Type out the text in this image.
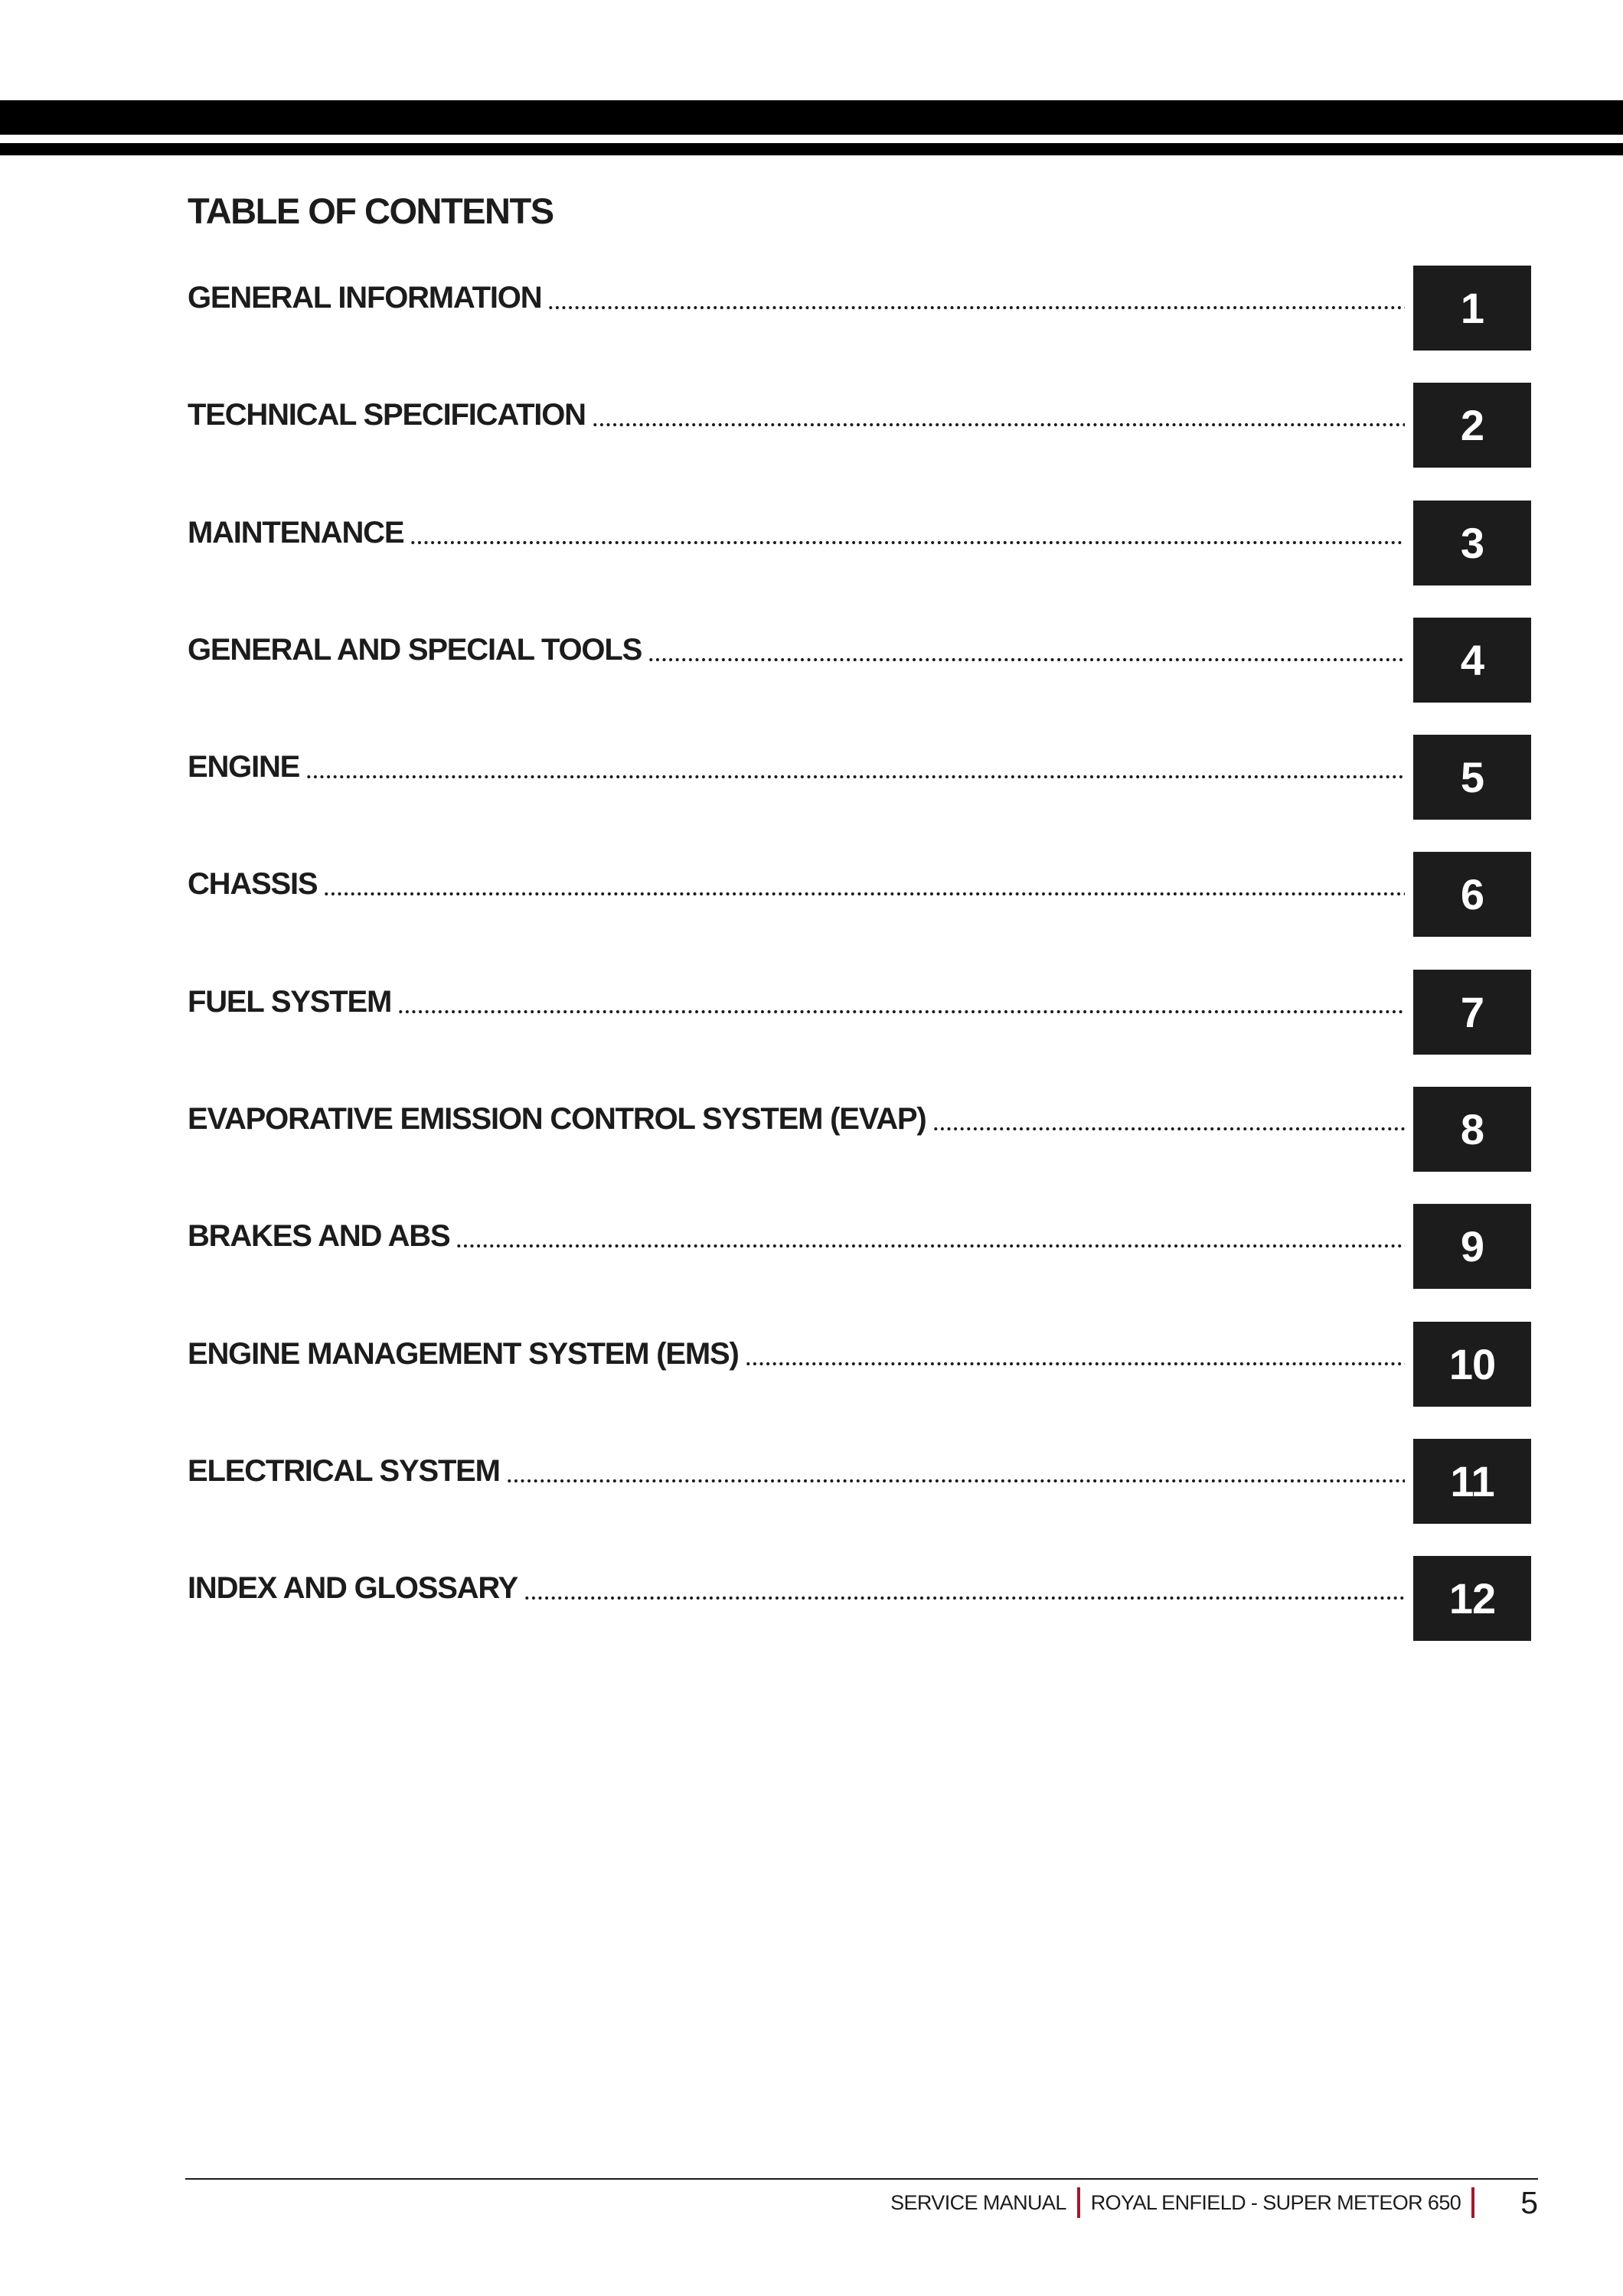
TABLE OF CONTENTS
GENERAL INFORMATION	1
TECHNICAL SPECIFICATION	2
MAINTENANCE	3
GENERAL AND SPECIAL TOOLS	4
ENGINE	5
CHASSIS	6
FUEL SYSTEM	7
EVAPORATIVE EMISSION CONTROL SYSTEM (EVAP)	8
BRAKES AND ABS	9
ENGINE MANAGEMENT SYSTEM (EMS)	10
ELECTRICAL SYSTEM	11
INDEX AND GLOSSARY	12
SERVICE MANUAL ROYAL ENFIELD - SUPER METEOR 650 5
